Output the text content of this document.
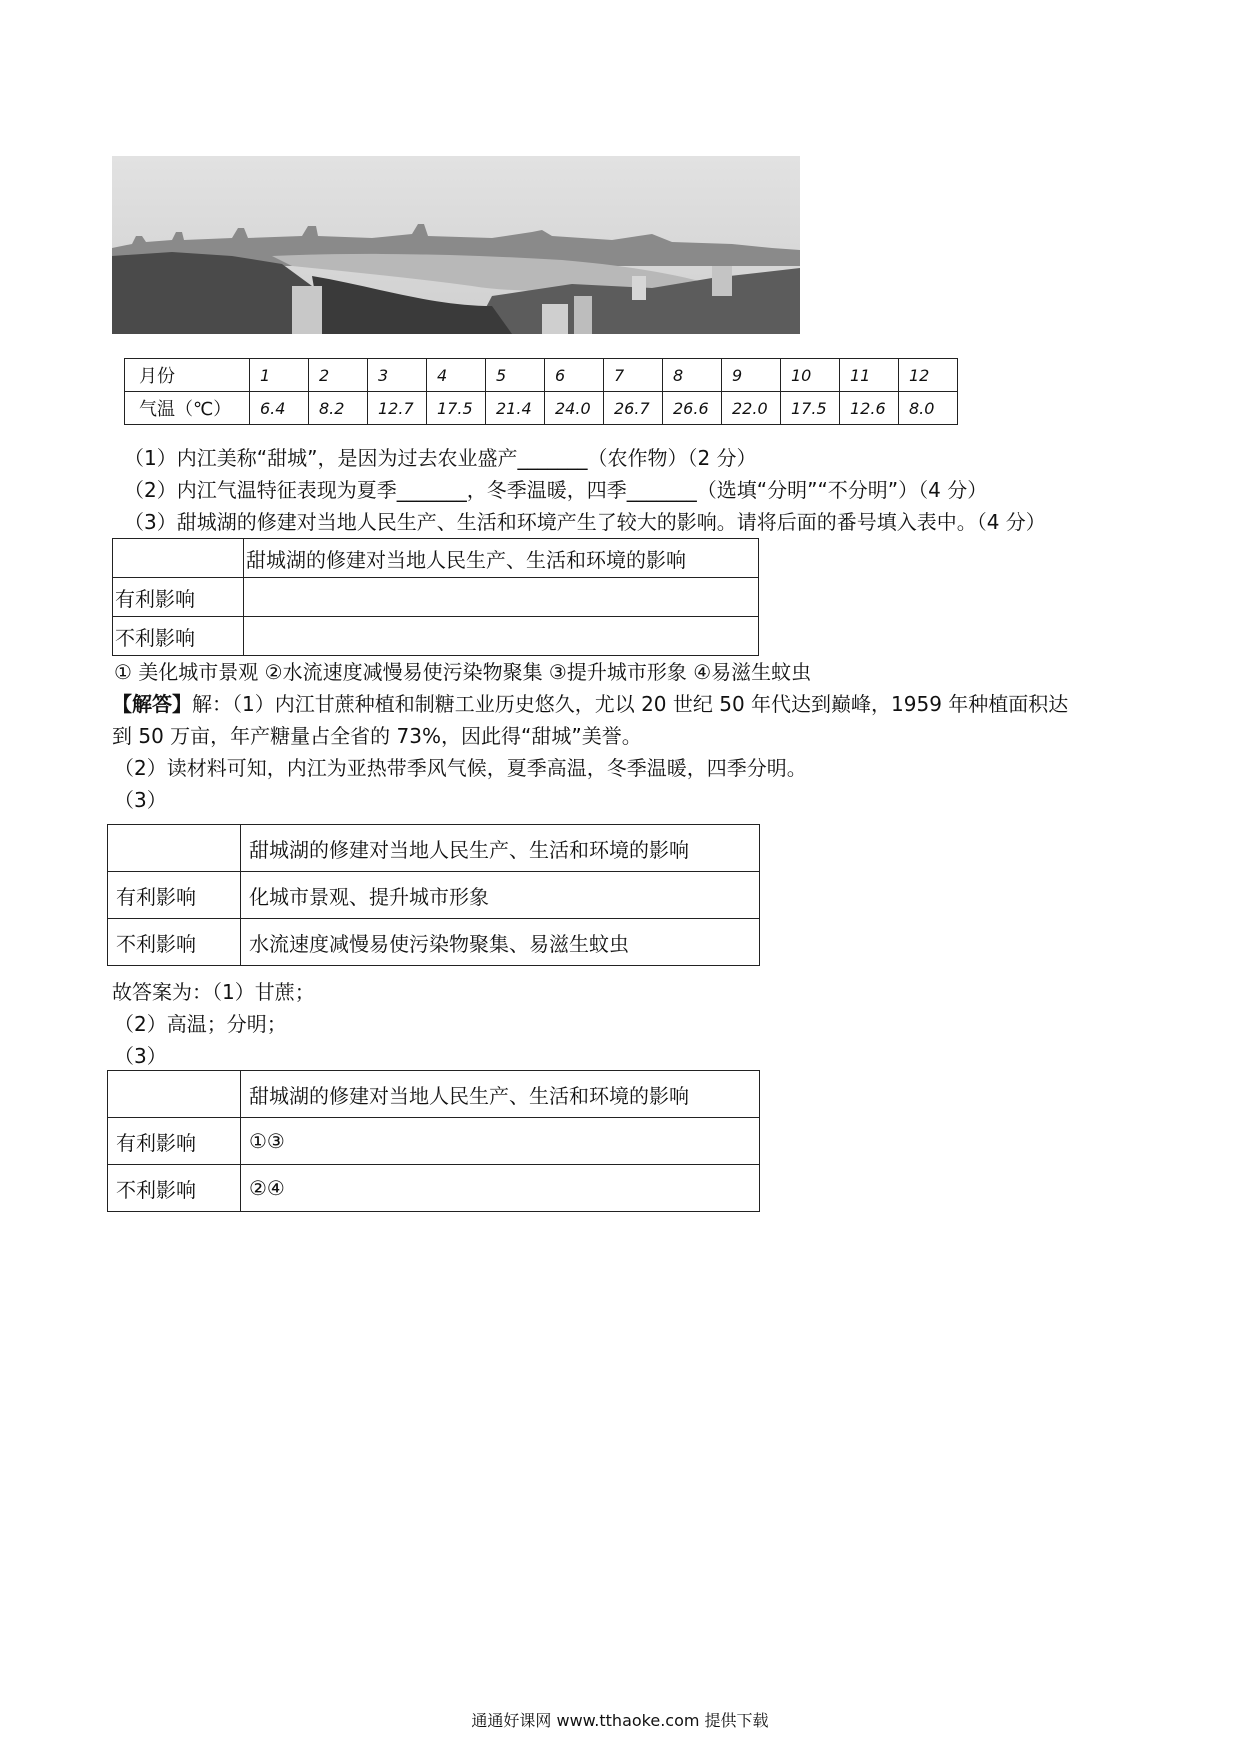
月份	1	2	3	4	5	6	7	8	9	10	11	12
气温（℃）	6.4	8.2	12.7	17.5	21.4	24.0	26.7	26.6	22.0	17.5	12.6	8.0
（1）内江美称“甜城”，是因为过去农业盛产_______（农作物）（2 分）
（2）内江气温特征表现为夏季_______，冬季温暖，四季_______（选填“分明”“不分明”）（4 分）
（3）甜城湖的修建对当地人民生产、生活和环境产生了较大的影响。请将后面的番号填入表中。（4 分）
	甜城湖的修建对当地人民生产、生活和环境的影响
有利影响	
不利影响	
① 美化城市景观 ②水流速度减慢易使污染物聚集 ③提升城市形象 ④易滋生蚊虫
【解答】解：（1）内江甘蔗种植和制糖工业历史悠久，尤以 20 世纪 50 年代达到巅峰，1959 年种植面积达
到 50 万亩，年产糖量占全省的 73%，因此得“甜城”美誉。
（2）读材料可知，内江为亚热带季风气候，夏季高温，冬季温暖，四季分明。
（3）
	甜城湖的修建对当地人民生产、生活和环境的影响
有利影响	化城市景观、提升城市形象
不利影响	水流速度减慢易使污染物聚集、易滋生蚊虫
故答案为：（1）甘蔗；
（2）高温；分明；
（3）
	甜城湖的修建对当地人民生产、生活和环境的影响
有利影响	①③
不利影响	②④
通通好课网 www.tthaoke.com 提供下载
